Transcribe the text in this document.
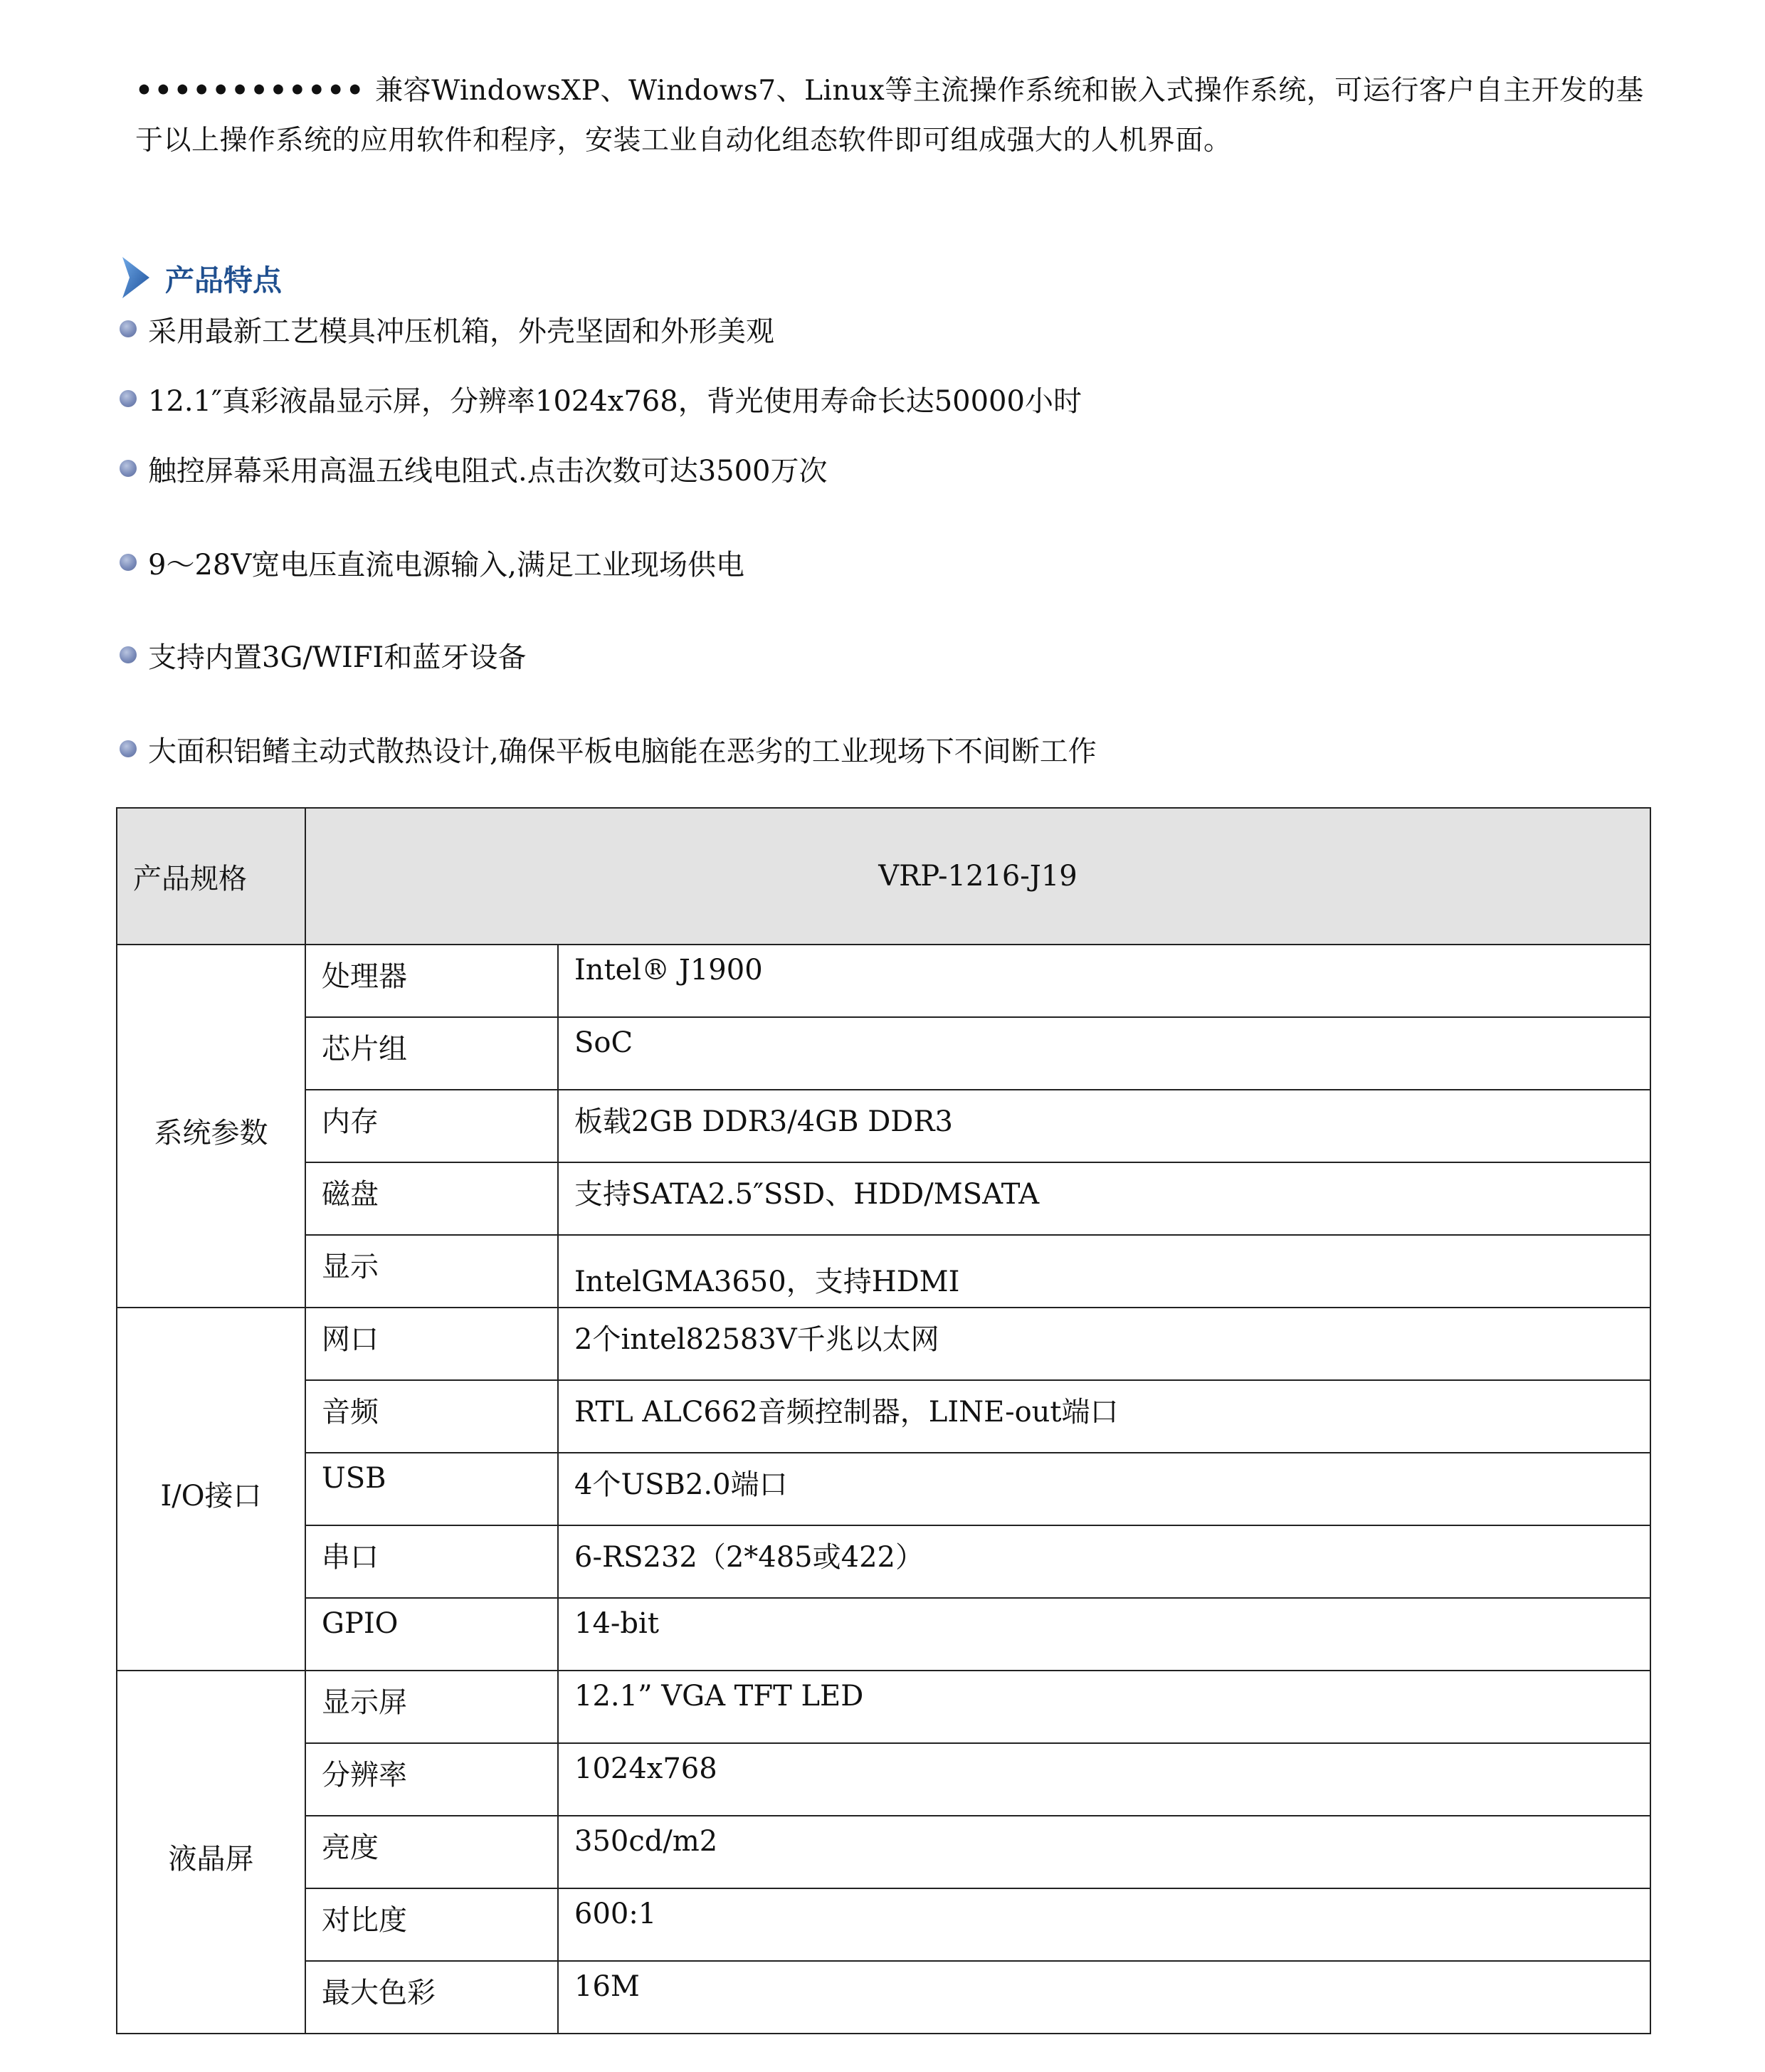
•••••••••••• 兼容WindowsXP、Windows7、Linux等主流操作系统和嵌入式操作系统，可运行客户自主开发的基于以上操作系统的应用软件和程序，安装工业自动化组态软件即可组成强大的人机界面。
产品特点
采用最新工艺模具冲压机箱，外壳坚固和外形美观
12.1″真彩液晶显示屏，分辨率1024x768，背光使用寿命长达50000小时
触控屏幕采用高温五线电阻式.点击次数可达3500万次
9～28V宽电压直流电源输入,满足工业现场供电
支持内置3G/WIFI和蓝牙设备
大面积铝鳍主动式散热设计,确保平板电脑能在恶劣的工业现场下不间断工作
产品规格	VRP-1216-J19	
系统参数	处理器	Intel® J1900
	芯片组	SoC
	内存	板载2GB DDR3/4GB DDR3
	磁盘	支持SATA2.5″SSD、HDD/MSATA
	显示	IntelGMA3650，支持HDMI
I/O接口	网口	2个intel82583V千兆以太网
	音频	RTL ALC662音频控制器，LINE-out端口
	USB	4个USB2.0端口
	串口	6-RS232（2*485或422）
	GPIO	14-bit
液晶屏	显示屏	12.1” VGA TFT LED
	分辨率	1024x768
	亮度	350cd/m2
	对比度	600:1
	最大色彩	16M
